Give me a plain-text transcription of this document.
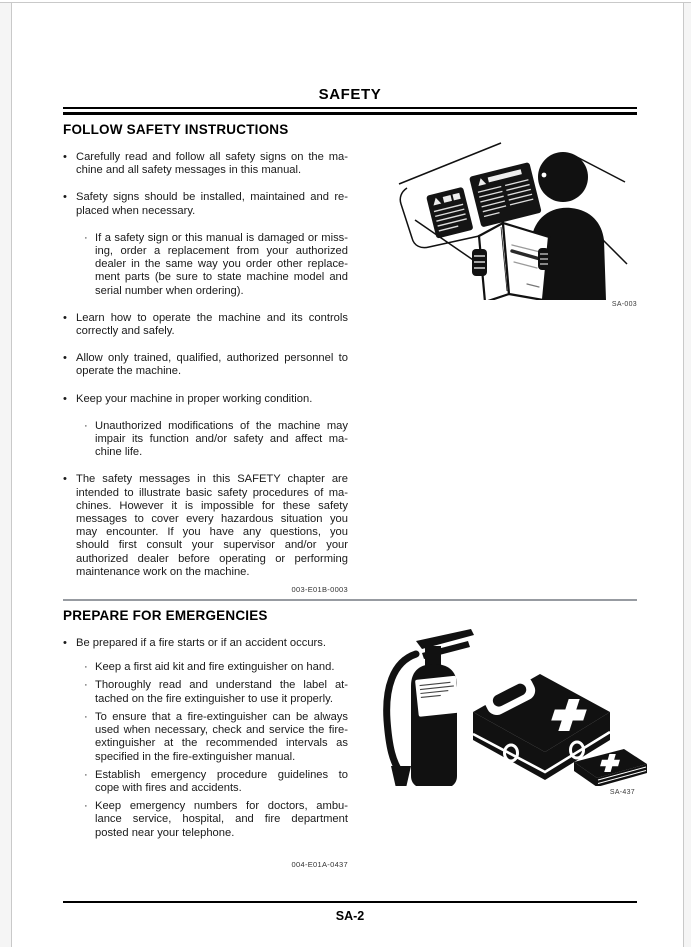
SAFETY
FOLLOW SAFETY INSTRUCTIONS
• Carefully read and follow all safety signs on the ma-
chine and all safety messages in this manual.
• Safety signs should be installed, maintained and re-
placed when necessary.
· If a safety sign or this manual is damaged or miss-
ing, order a replacement from your authorized
dealer in the same way you order other replace-
ment parts (be sure to state machine model and
serial number when ordering).
• Learn how to operate the machine and its controls
correctly and safely.
• Allow only trained, qualified, authorized personnel to
operate the machine.
• Keep your machine in proper working condition.
· Unauthorized modifications of the machine may
impair its function and/or safety and affect ma-
chine life.
• The safety messages in this SAFETY chapter are
intended to illustrate basic safety procedures of ma-
chines. However it is impossible for these safety
messages to cover every hazardous situation you
may encounter. If you have any questions, you
should first consult your supervisor and/or your
authorized dealer before operating or performing
maintenance work on the machine.
003-E01B-0003
PREPARE FOR EMERGENCIES
• Be prepared if a fire starts or if an accident occurs.
· Keep a first aid kit and fire extinguisher on hand.
· Thoroughly read and understand the label at-
tached on the fire extinguisher to use it properly.
· To ensure that a fire-extinguisher can be always
used when necessary, check and service the fire-
extinguisher at the recommended intervals as
specified in the fire-extinguisher manual.
· Establish emergency procedure guidelines to
cope with fires and accidents.
· Keep emergency numbers for doctors, ambu-
lance service, hospital, and fire department
posted near your telephone.
004-E01A-0437
SA-2
SA-003
SA-437
